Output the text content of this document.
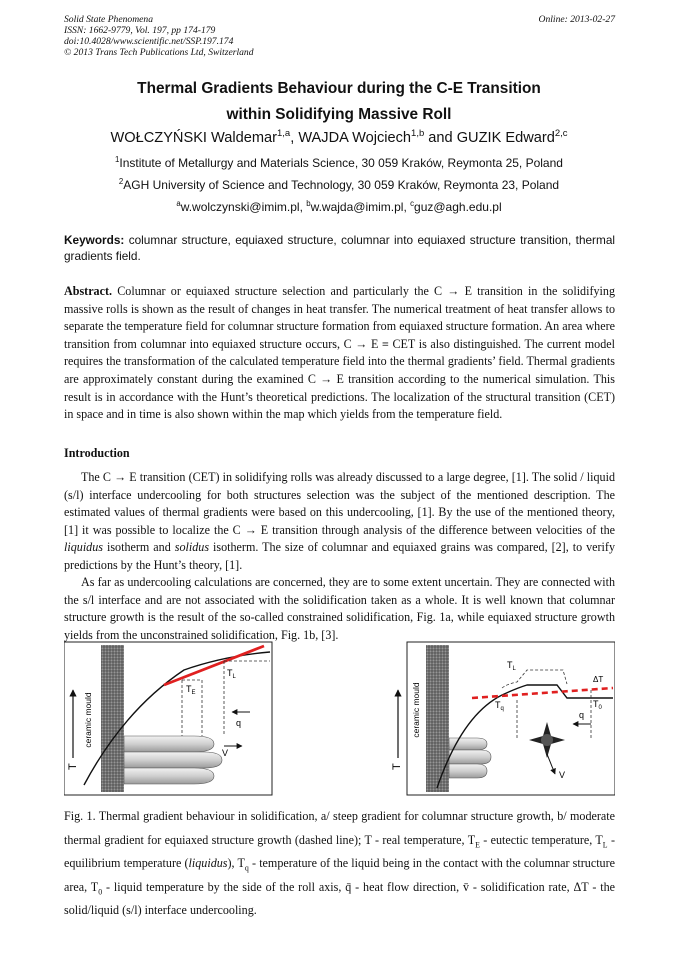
Solid State Phenomena
ISSN: 1662-9779, Vol. 197, pp 174-179
doi:10.4028/www.scientific.net/SSP.197.174
© 2013 Trans Tech Publications Ltd, Switzerland
Online: 2013-02-27
Thermal Gradients Behaviour during the C-E Transition
within Solidifying Massive Roll
WOŁCZYŃSKI Waldemar$^{1,a}$, WAJDA Wojciech$^{1,b}$ and GUZIK Edward$^{2,c}$
$^1$Institute of Metallurgy and Materials Science, 30 059 Kraków, Reymonta 25, Poland
$^2$AGH University of Science and Technology, 30 059 Kraków, Reymonta 23, Poland
$^a$w.wolczynski@imim.pl, $^b$w.wajda@imim.pl, $^c$guz@agh.edu.pl
Keywords: columnar structure, equiaxed structure, columnar into equiaxed structure transition, thermal gradients field.
Abstract. Columnar or equiaxed structure selection and particularly the C → E transition in the solidifying massive rolls is shown as the result of changes in heat transfer. The numerical treatment of heat transfer allows to separate the temperature field for columnar structure formation from equiaxed structure formation. An area where transition from columnar into equiaxed structure occurs, C → E ≡ CET is also distinguished. The current model requires the transformation of the calculated temperature field into the thermal gradients’ field. Thermal gradients are approximately constant during the examined C → E transition according to the numerical simulation. This result is in accordance with the Hunt’s theoretical predictions. The localization of the structural transition (CET) in space and in time is also shown within the map which yields from the temperature field.
Introduction
The C → E transition (CET) in solidifying rolls was already discussed to a large degree, [1]. The solid / liquid (s/l) interface undercooling for both structures selection was the subject of the mentioned description. The estimated values of thermal gradients were based on this undercooling, [1]. By the use of the mentioned theory, [1] it was possible to localize the C → E transition through analysis of the difference between velocities of the liquidus isotherm and solidus isotherm. The size of columnar and equiaxed grains was compared, [2], to verify predictions by the Hunt’s theory, [1].
As far as undercooling calculations are concerned, they are to some extent uncertain. They are connected with the s/l interface and are not associated with the solidification taken as a whole. It is well known that columnar structure growth is the result of the so-called constrained solidification, Fig. 1a, while equiaxed structure growth yields from the unconstrained solidification, Fig. 1b, [3].
ceramic mould
T
$T_E$
$T_L$
q
V
ceramic mould
T
$T_L$
$T_q$
ΔT
$T_0$
q
V
Fig. 1. Thermal gradient behaviour in solidification, a/ steep gradient for columnar structure growth, b/ moderate thermal gradient for equiaxed structure growth (dashed line); T - real temperature, $T_E$ - eutectic temperature, $T_L$ - equilibrium temperature (liquidus), $T_q$ - temperature of the liquid being in the contact with the columnar structure area, $T_0$ - liquid temperature by the side of the roll axis, q̄ - heat flow direction, v̄ - solidification rate, ΔT - the solid/liquid (s/l) interface undercooling.
